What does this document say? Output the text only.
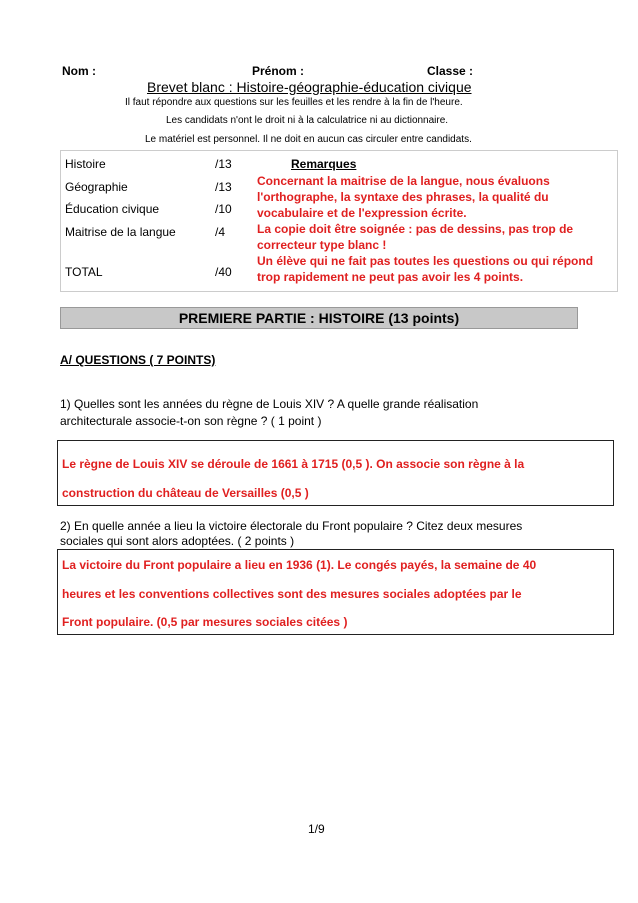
Nom :	Prénom :	Classe :
Brevet blanc : Histoire-géographie-éducation civique
Il faut répondre aux questions sur les feuilles et les rendre à la fin de l'heure.
Les candidats n'ont le droit ni à la calculatrice ni au dictionnaire.
Le matériel est personnel. Il ne doit en aucun cas circuler entre candidats.
Histoire	/13
Géographie	/13
Éducation civique	/10
Maitrise de la langue	/4
TOTAL	/40
Remarques
Concernant la maitrise de la langue, nous évaluons
l'orthographe, la syntaxe des phrases, la qualité du
vocabulaire et de l'expression écrite.
La copie doit être soignée : pas de dessins, pas trop de
correcteur type blanc !
Un élève qui ne fait pas toutes les questions ou qui répond
trop rapidement ne peut pas avoir les 4 points.
PREMIERE PARTIE : HISTOIRE (13 points)
A/ QUESTIONS ( 7 POINTS)
1) Quelles sont les années du règne de Louis XIV ? A quelle grande réalisation
architecturale associe-t-on son règne ? ( 1 point )
Le règne de Louis XIV se déroule de 1661 à 1715 (0,5 ). On associe son règne à la
construction du château de Versailles (0,5 )
2) En quelle année a lieu la victoire électorale du Front populaire ? Citez deux mesures
sociales qui sont alors adoptées. ( 2 points )
La victoire du Front populaire a lieu en 1936 (1). Le congés payés, la semaine de 40
heures et les conventions collectives sont des mesures sociales adoptées par le
Front populaire. (0,5 par mesures sociales citées )
1/9
